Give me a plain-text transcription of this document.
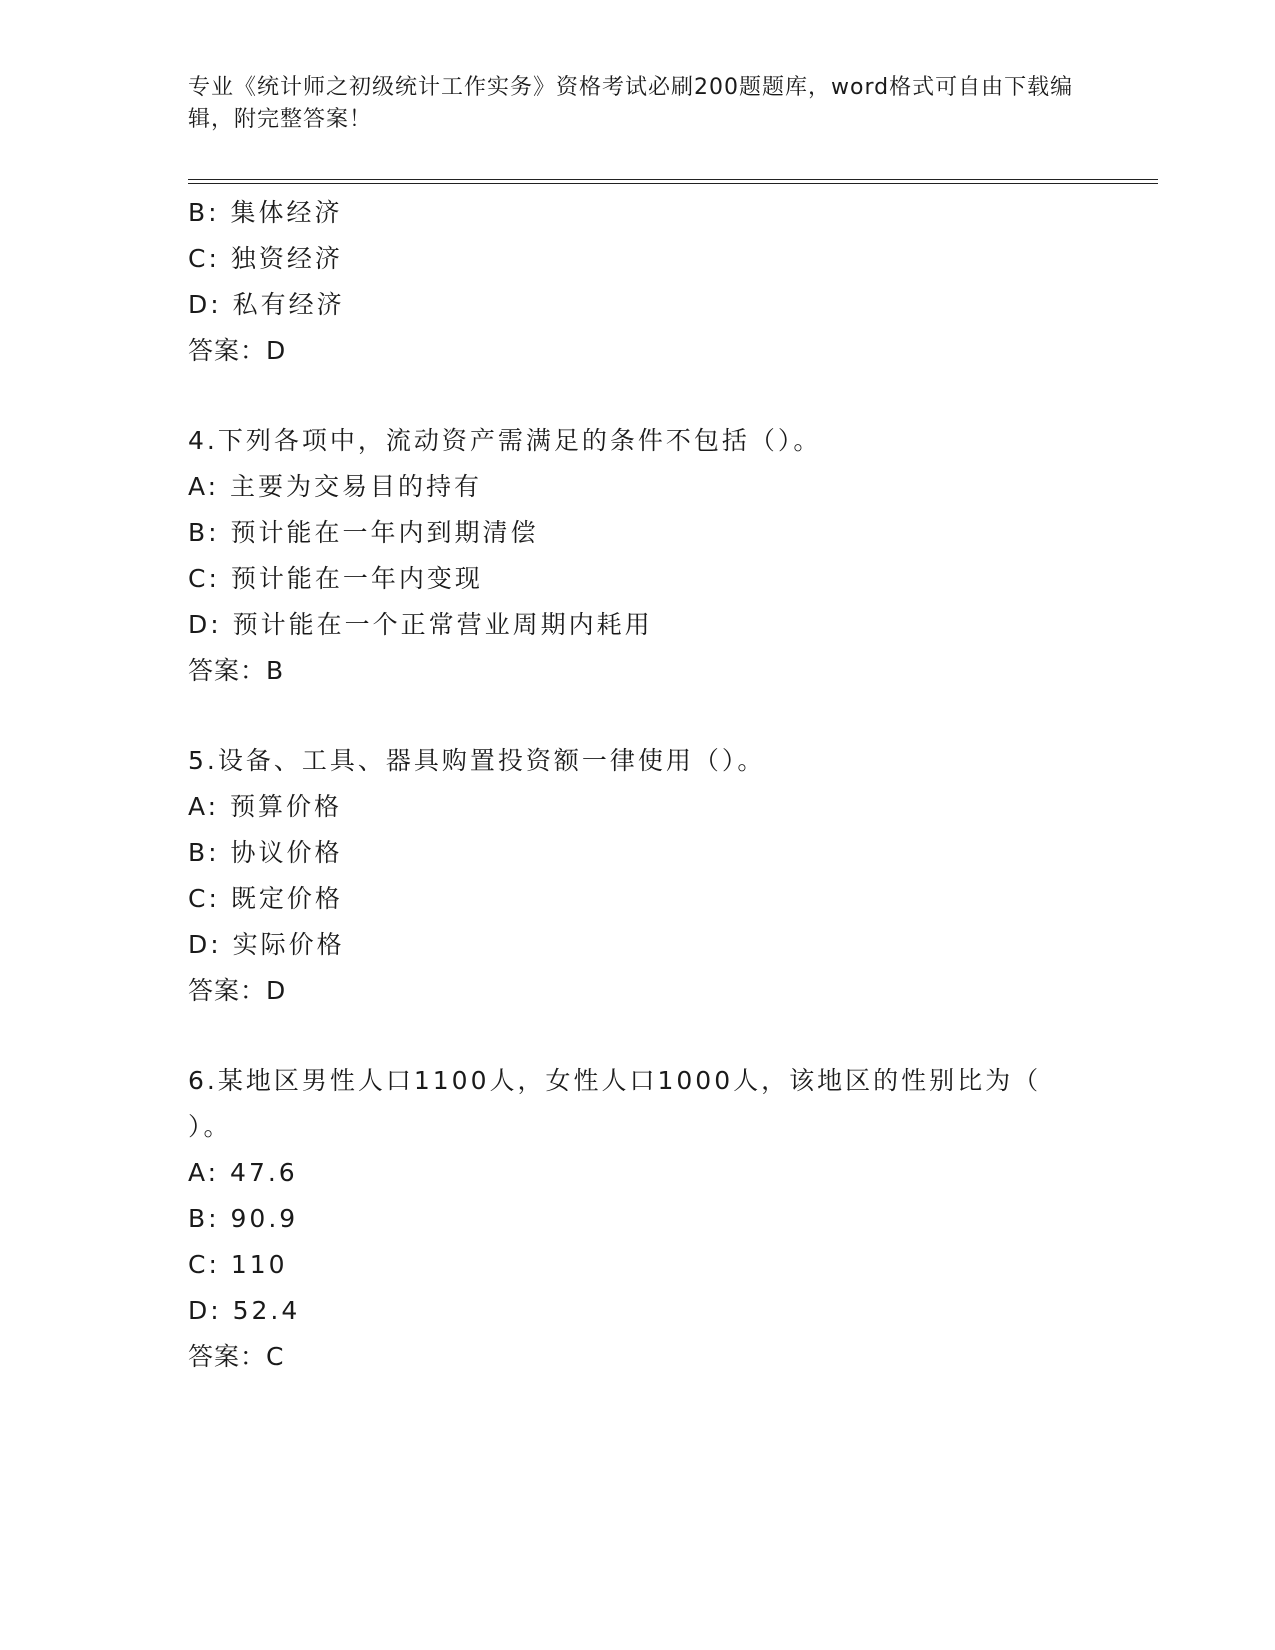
专业《统计师之初级统计工作实务》资格考试必刷200题题库，word格式可自由下载编辑，附完整答案！
B: 集体经济
C: 独资经济
D: 私有经济
答案：D
4.下列各项中，流动资产需满足的条件不包括（）。
A: 主要为交易目的持有
B: 预计能在一年内到期清偿
C: 预计能在一年内变现
D: 预计能在一个正常营业周期内耗用
答案：B
5.设备、工具、器具购置投资额一律使用（）。
A: 预算价格
B: 协议价格
C: 既定价格
D: 实际价格
答案：D
6.某地区男性人口1100人，女性人口1000人，该地区的性别比为（
）。
A: 47.6
B: 90.9
C: 110
D: 52.4
答案：C
